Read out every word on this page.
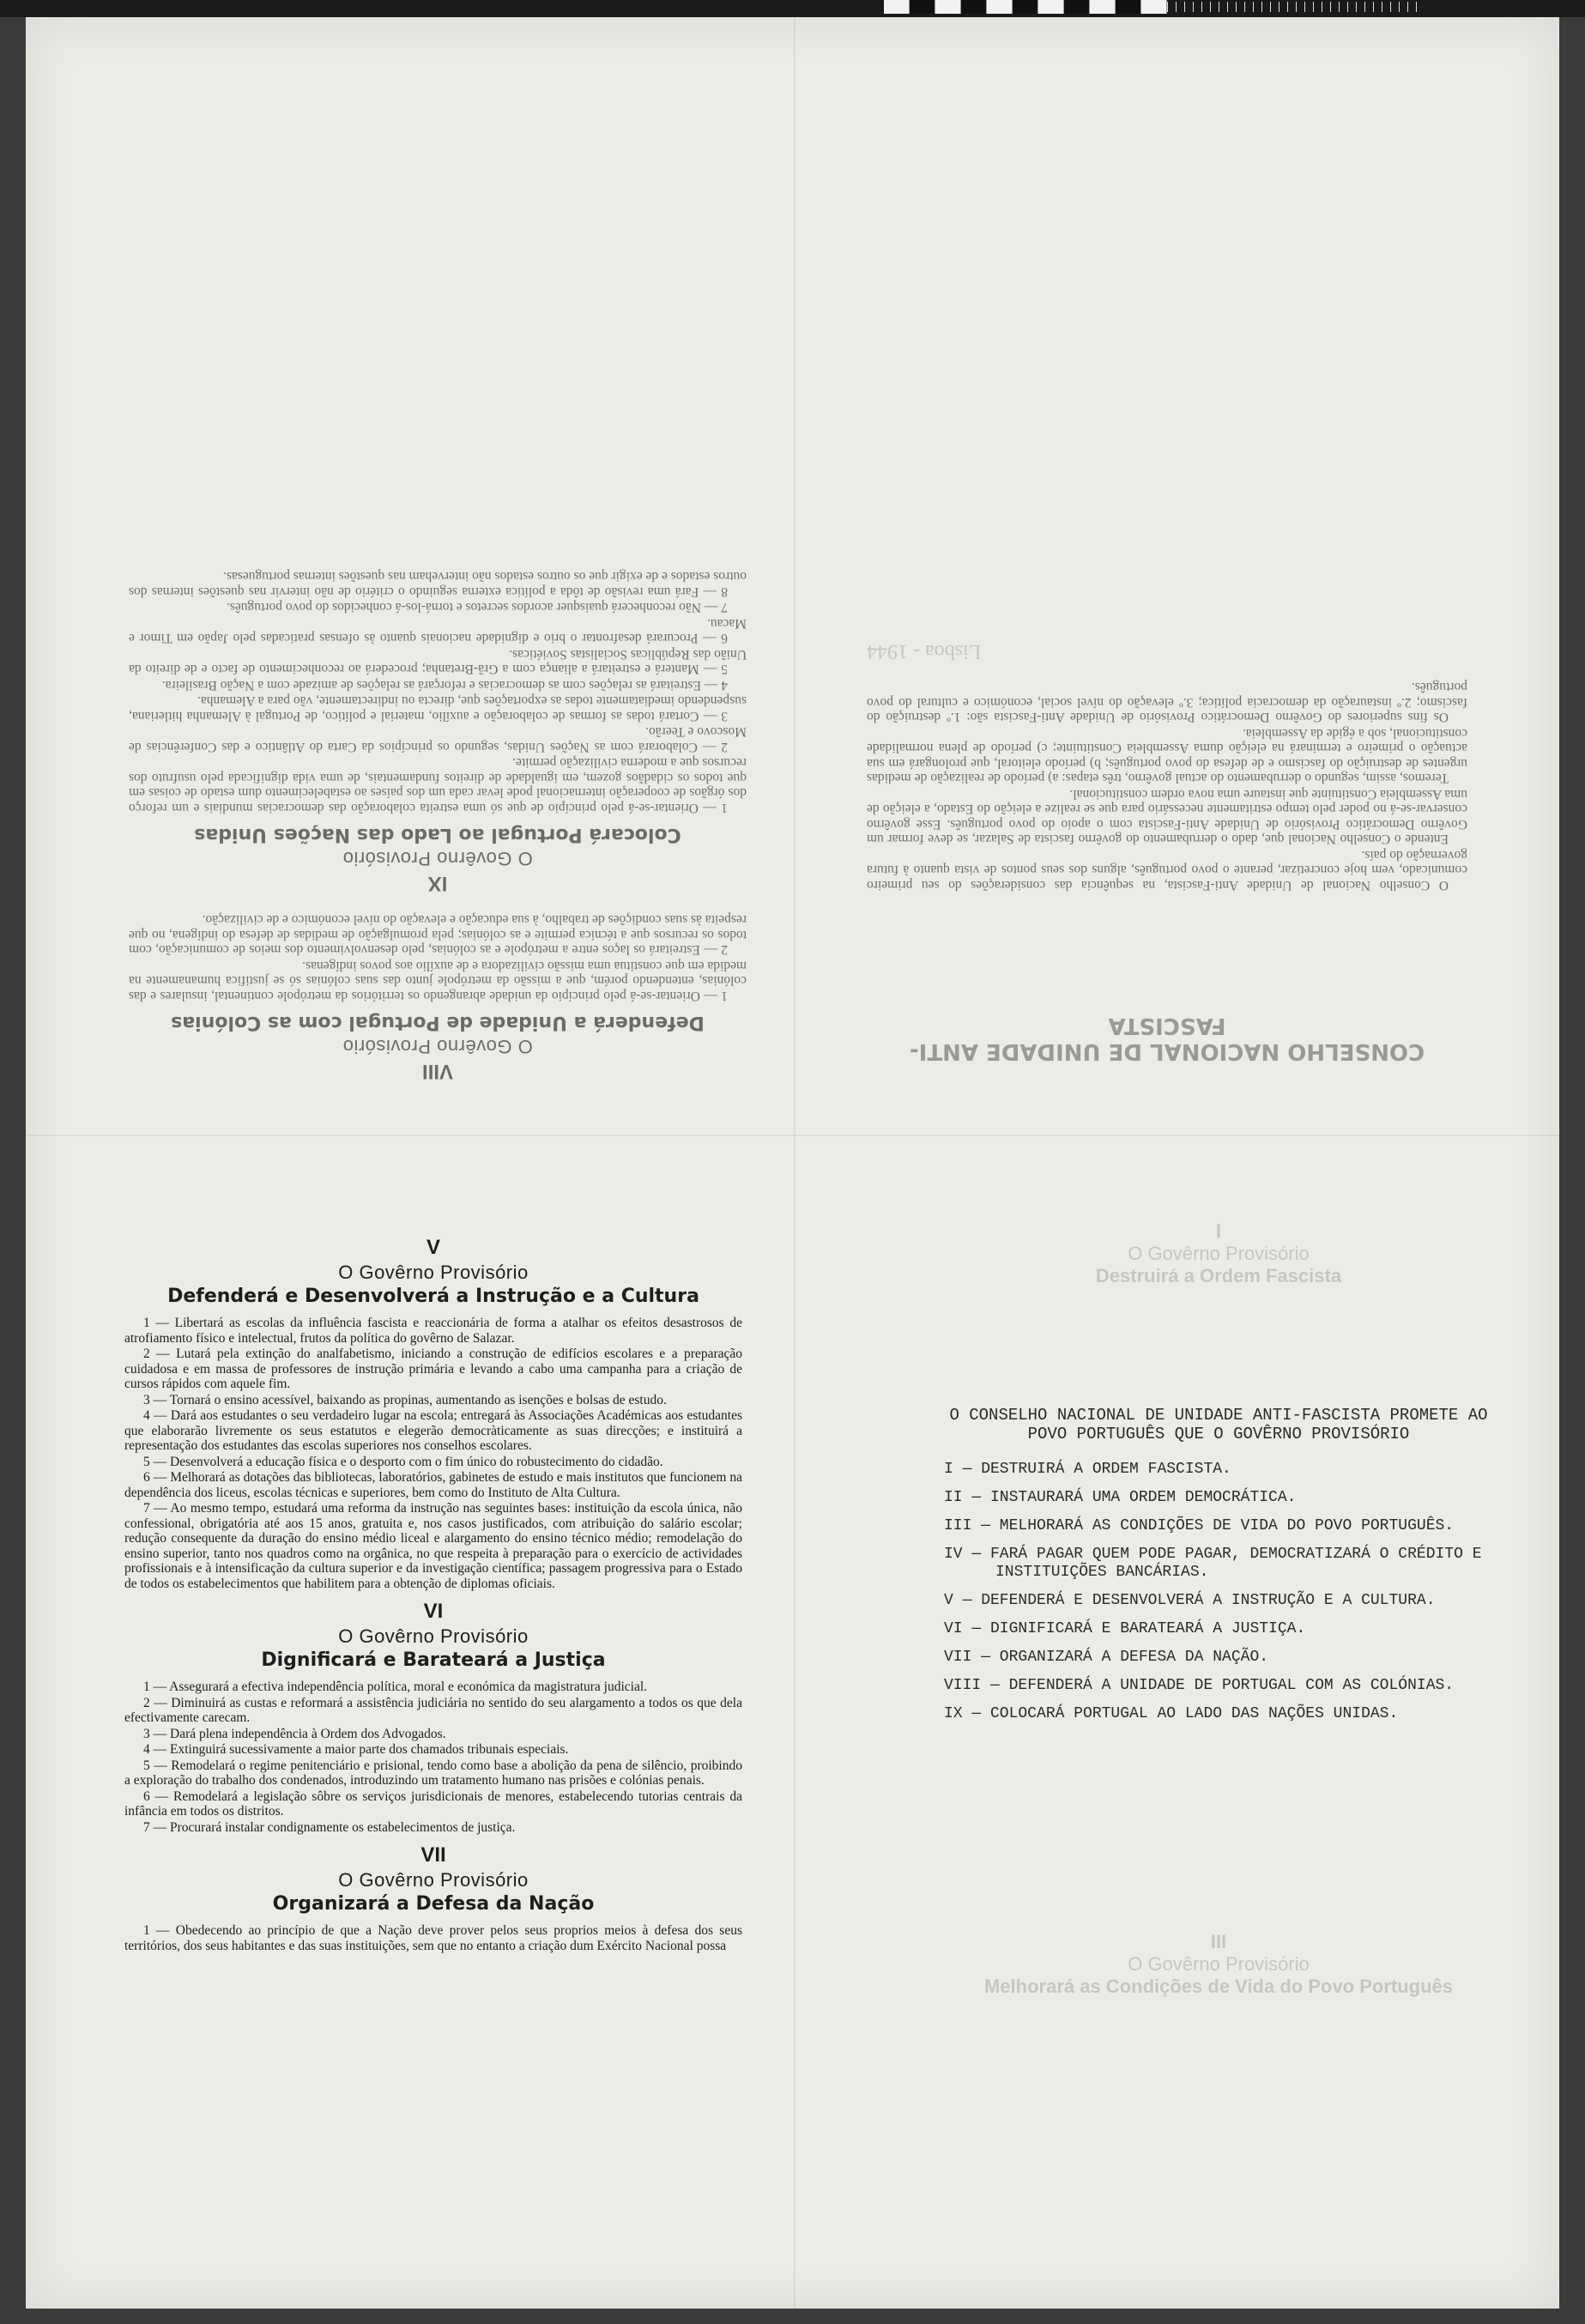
VIII
O Govêrno Provisório
Defenderá a Unidade de Portugal com as Colónias

1 — Orientar-se-á pelo princípio da unidade abrangendo os territórios da metrópole continental, insulares e das colónias, entendendo porém, que a missão da metrópole junto das suas colónias só se justifica humanamente na medida em que constitua uma missão civilizadora e de auxílio aos povos indígenas.

2 — Estreitará os laços entre a metrópole e as colónias, pelo desenvolvimento dos meios de comunicação, com todos os recursos que a técnica permite e as colónias; pela promulgação de medidas de defesa do indígena, no que respeita às suas condições de trabalho, à sua educação e elevação do nível económico e de civilização.

IX
O Govêrno Provisório
Colocará Portugal ao Lado das Nações Unidas

1 — Orientar-se-á pelo princípio de que só uma estreita colaboração das democracias mundiais e um reforço dos órgãos de cooperação internacional pode levar cada um dos países ao estabelecimento dum estado de coisas em que todos os cidadãos gozem, em igualdade de direitos fundamentais, de uma vida dignificada pelo usufruto dos recursos que a moderna civilização permite.

2 — Colaborará com as Nações Unidas, segundo os princípios da Carta do Atlântico e das Conferências de Moscovo e Teerão.

3 — Cortará todas as formas de colaboração e auxílio, material e político, de Portugal à Alemanha hitleriana, suspendendo imediatamente todas as exportações que, directa ou indirectamente, vão para a Alemanha.

4 — Estreitará as relações com as democracias e reforçará as relações de amizade com a Nação Brasileira.

5 — Manterá e estreitará a aliança com a Grã-Bretanha; procederá ao reconhecimento de facto e de direito da União das Repúblicas Socialistas Soviéticas.

6 — Procurará desafrontar o brio e dignidade nacionais quanto às ofensas praticadas pelo Japão em Timor e Macau.

7 — Não reconhecerá quaisquer acordos secretos e torná-los-á conhecidos do povo português.

8 — Fará uma revisão de tôda a política externa seguindo o critério de não intervir nas questões internas dos outros estados e de exigir que os outros estados não interveham nas questões internas portuguesas.

CONSELHO NACIONAL DE UNIDADE ANTI-FASCISTA

O Conselho Nacional de Unidade Anti-Fascista, na sequência das considerações do seu primeiro comunicado, vem hoje concretizar, perante o povo português, alguns dos seus pontos de vista quanto à futura governação do país.

Entende o Conselho Nacional que, dado o derrubamento do govêrno fascista de Salazar, se deve formar um Govêrno Democrático Provisório de Unidade Anti-Fascista com o apoio do povo português. Esse govêrno conservar-se-á no poder pelo tempo estritamente necessário para que se realize a eleição do Estado, a eleição de uma Assembleia Constituinte que instaure uma nova ordem constitucional.

Teremos, assim, segundo o derrubamento do actual govêrno, três etapas: a) período de realização de medidas urgentes de destruição do fascismo e de defesa do povo português; b) período eleitoral, que prolongará em sua actuação o primeiro e terminará na eleição duma Assembleia Constituinte; c) período de plena normalidade constitucional, sob a égide da Assembleia.

Os fins superiores do Govêrno Democrático Provisório de Unidade Anti-Fascista são: 1.º destruição do fascismo; 2.º instauração da democracia política; 3.º elevação do nível social, económico e cultural do povo português.

Lisboa - 1944
V
O Govêrno Provisório
Defenderá e Desenvolverá a Instrução e a Cultura

1 — Libertará as escolas da influência fascista e reaccionária de forma a atalhar os efeitos desastrosos de atrofiamento físico e intelectual, frutos da política do govêrno de Salazar.

2 — Lutará pela extinção do analfabetismo, iniciando a construção de edifícios escolares e a preparação cuidadosa e em massa de professores de instrução primária e levando a cabo uma campanha para a criação de cursos rápidos com aquele fim.

3 — Tornará o ensino acessível, baixando as propinas, aumentando as isenções e bolsas de estudo.

4 — Dará aos estudantes o seu verdadeiro lugar na escola; entregará às Associações Académicas aos estudantes que elaborarão livremente os seus estatutos e elegerão democràticamente as suas direcções; e instituirá a representação dos estudantes das escolas superiores nos conselhos escolares.

5 — Desenvolverá a educação física e o desporto com o fim único do robustecimento do cidadão.

6 — Melhorará as dotações das bibliotecas, laboratórios, gabinetes de estudo e mais institutos que funcionem na dependência dos liceus, escolas técnicas e superiores, bem como do Instituto de Alta Cultura.

7 — Ao mesmo tempo, estudará uma reforma da instrução nas seguintes bases: instituição da escola única, não confessional, obrigatória até aos 15 anos, gratuita e, nos casos justificados, com atribuição do salário escolar; redução consequente da duração do ensino médio liceal e alargamento do ensino técnico médio; remodelação do ensino superior, tanto nos quadros como na orgânica, no que respeita à preparação para o exercício de actividades profissionais e à intensificação da cultura superior e da investigação científica; passagem progressiva para o Estado de todos os estabelecimentos que habilitem para a obtenção de diplomas oficiais.

VI
O Govêrno Provisório
Dignificará e Barateará a Justiça

1 — Assegurará a efectiva independência política, moral e económica da magistratura judicial.

2 — Diminuirá as custas e reformará a assistência judiciária no sentido do seu alargamento a todos os que dela efectivamente carecam.

3 — Dará plena independência à Ordem dos Advogados.

4 — Extinguirá sucessivamente a maior parte dos chamados tribunais especiais.

5 — Remodelará o regime penitenciário e prisional, tendo como base a abolição da pena de silêncio, proibindo a exploração do trabalho dos condenados, introduzindo um tratamento humano nas prisões e colónias penais.

6 — Remodelará a legislação sôbre os serviços jurisdicionais de menores, estabelecendo tutorias centrais da infância em todos os distritos.

7 — Procurará instalar condignamente os estabelecimentos de justiça.

VII
O Govêrno Provisório
Organizará a Defesa da Nação

1 — Obedecendo ao princípio de que a Nação deve prover pelos seus proprios meios à defesa dos seus territórios, dos seus habitantes e das suas instituições, sem que no entanto a criação dum Exército Nacional possa

I
O Govêrno Provisório
Destruirá a Ordem Fascista
III
O Govêrno Provisório
Melhorará as Condições de Vida do Povo Português
O CONSELHO NACIONAL DE UNIDADE ANTI-FASCISTA PROMETE AO POVO PORTUGUÊS QUE O GOVÊRNO PROVISÓRIO
I — DESTRUIRÁ A ORDEM FASCISTA.
II — INSTAURARÁ UMA ORDEM DEMOCRÁTICA.
III — MELHORARÁ AS CONDIÇÕES DE VIDA DO POVO PORTUGUÊS.
IV — FARÁ PAGAR QUEM PODE PAGAR, DEMOCRATIZARÁ O CRÉDITO E INSTITUIÇÕES BANCÁRIAS.
V — DEFENDERÁ E DESENVOLVERÁ A INSTRUÇÃO E A CULTURA.
VI — DIGNIFICARÁ E BARATEARÁ A JUSTIÇA.
VII — ORGANIZARÁ A DEFESA DA NAÇÃO.
VIII — DEFENDERÁ A UNIDADE DE PORTUGAL COM AS COLÓNIAS.
IX — COLOCARÁ PORTUGAL AO LADO DAS NAÇÕES UNIDAS.
